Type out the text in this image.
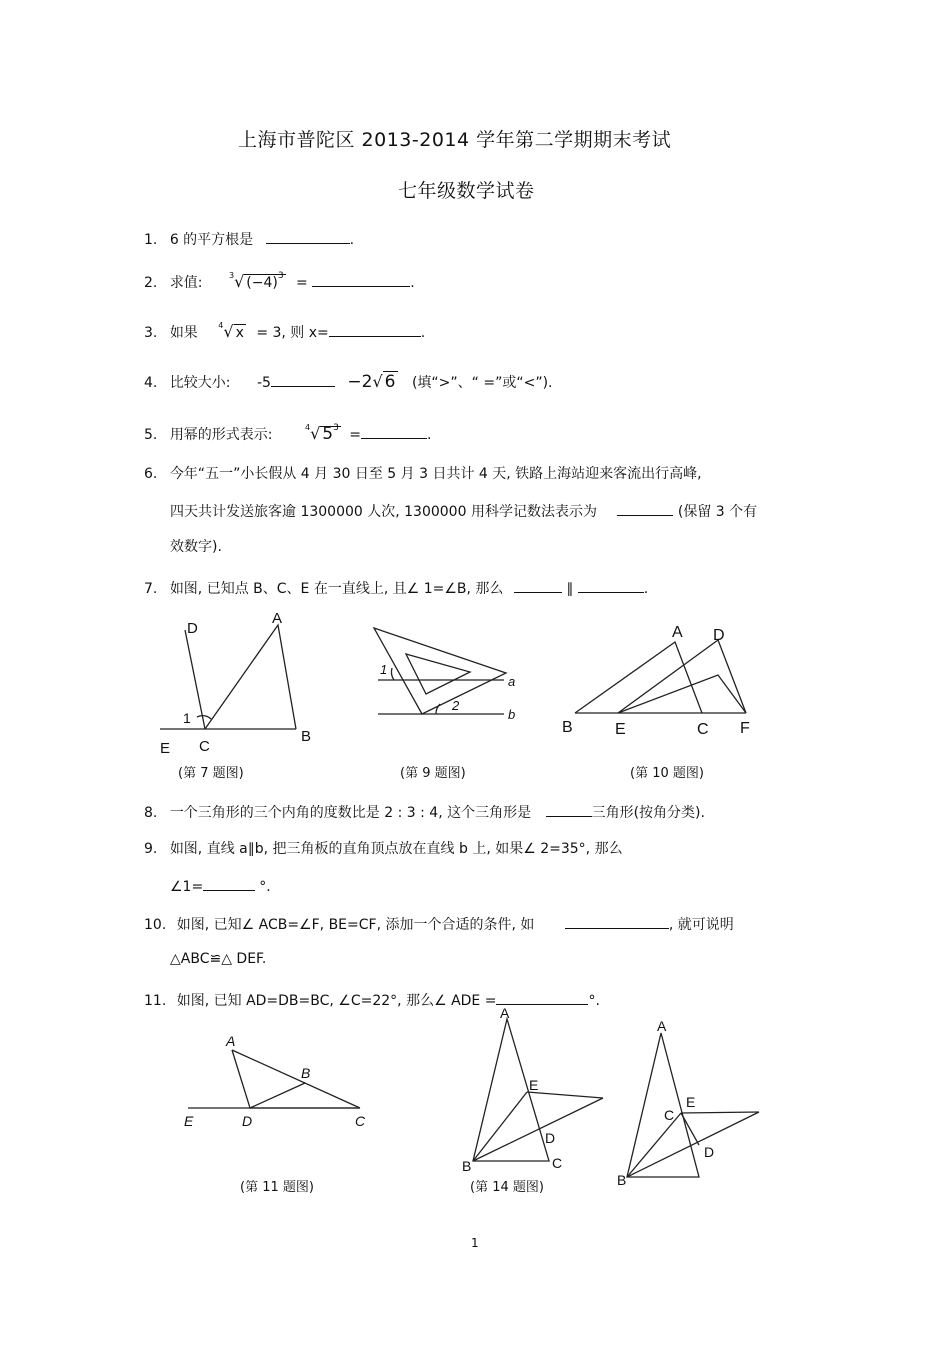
上海市普陀区 2013-2014 学年第二学期期末考试
七年级数学试卷
1. 6 的平方根是	.
2. 求值:	$^3$√ $(-4)^3$ =	.
3. 如果	$^4$√ x = 3, 则 x=	.
4. 比较大小: -5	−2√ 6 (填“>”、“ =”或“<”).
5. 用幂的形式表示:	$^4$√ $5^3$ =	.
6. 今年“五一”小长假从 4 月 30 日至 5 月 3 日共计 4 天, 铁路上海站迎来客流出行高峰,
四天共计发送旅客逾 1300000 人次, 1300000 用科学记数法表示为	(保留 3 个有
效数字).
7. 如图, 已知点 B、C、E 在一直线上, 且∠ 1=∠B, 那么	∥	.
D
A
1
E C
B
(第 7 题图)
1
2
a
b
(第 9 题图)
A D
B	E	C F
(第 10 题图)
8. 一个三角形的三个内角的度数比是 2 : 3 : 4, 这个三角形是	三角形(按角分类).
9. 如图, 直线 a∥b, 把三角板的直角顶点放在直线 b 上, 如果∠ 2=35°, 那么
∠1=	°.
10. 如图, 已知∠ ACB=∠F, BE=CF, 添加一个合适的条件, 如	, 就可说明
△ABC≌△ DEF.
11. 如图, 已知 AD=DB=BC, ∠C=22°, 那么∠ ADE =	°.
A
B
E	D	C
(第 11 题图)
A
E
D
B	C
(第 14 题图)
A
E
C
D
B
1
